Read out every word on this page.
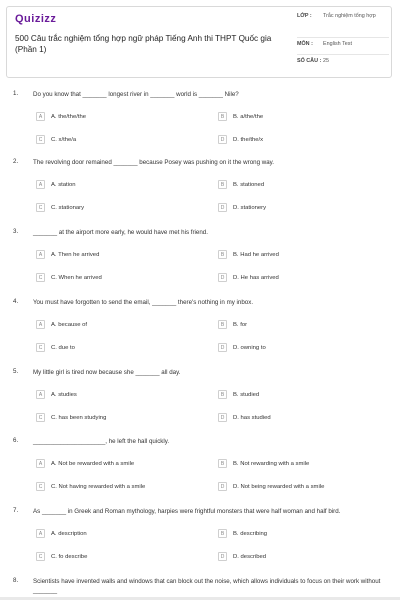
Quizizz
500 Câu trắc nghiệm tổng hợp ngữ pháp Tiếng Anh thi THPT Quốc gia
(Phần 1)
LỚP :	Trắc nghiệm tổng hợp
MÔN :	English Test
SỐ CÂU : 25
1. Do you know that _______ longest river in _______ world is _______ Nile?
A	A. the/the/the	B	B. a/the/the
C	C. x/the/a	D	D. the/the/x
2. The revolving door remained _______ because Posey was pushing on it the wrong way.
A	A. station	B	B. stationed
C	C. stationary	D	D. stationery
3. _______ at the airport more early, he would have met his friend.
A	A. Then he arrived	B	B. Had he arrived
C	C. When he arrived	D	D. He has arrived
4. You must have forgotten to send the email, _______ there's nothing in my inbox.
A	A. because of	B	B. for
C	C. due to	D	D. owning to
5. My little girl is tired now because she _______ all day.
A	A. studies	B	B. studied
C	C. has been studying	D	D. has studied
6. _____________________, he left the hall quickly.
A	A. Not be rewarded with a smile	B	B. Not rewarding with a smile
C	C. Not having rewarded with a smile	D	D. Not being rewarded with a smile
7. As _______ in Greek and Roman mythology, harpies were frightful monsters that were half woman and half bird.
A	A. description	B	B. describing
C	C. fo describe	D	D. described
8. Scientists have invented walls and windows that can block out the noise, which allows individuals to focus on their work without _______
